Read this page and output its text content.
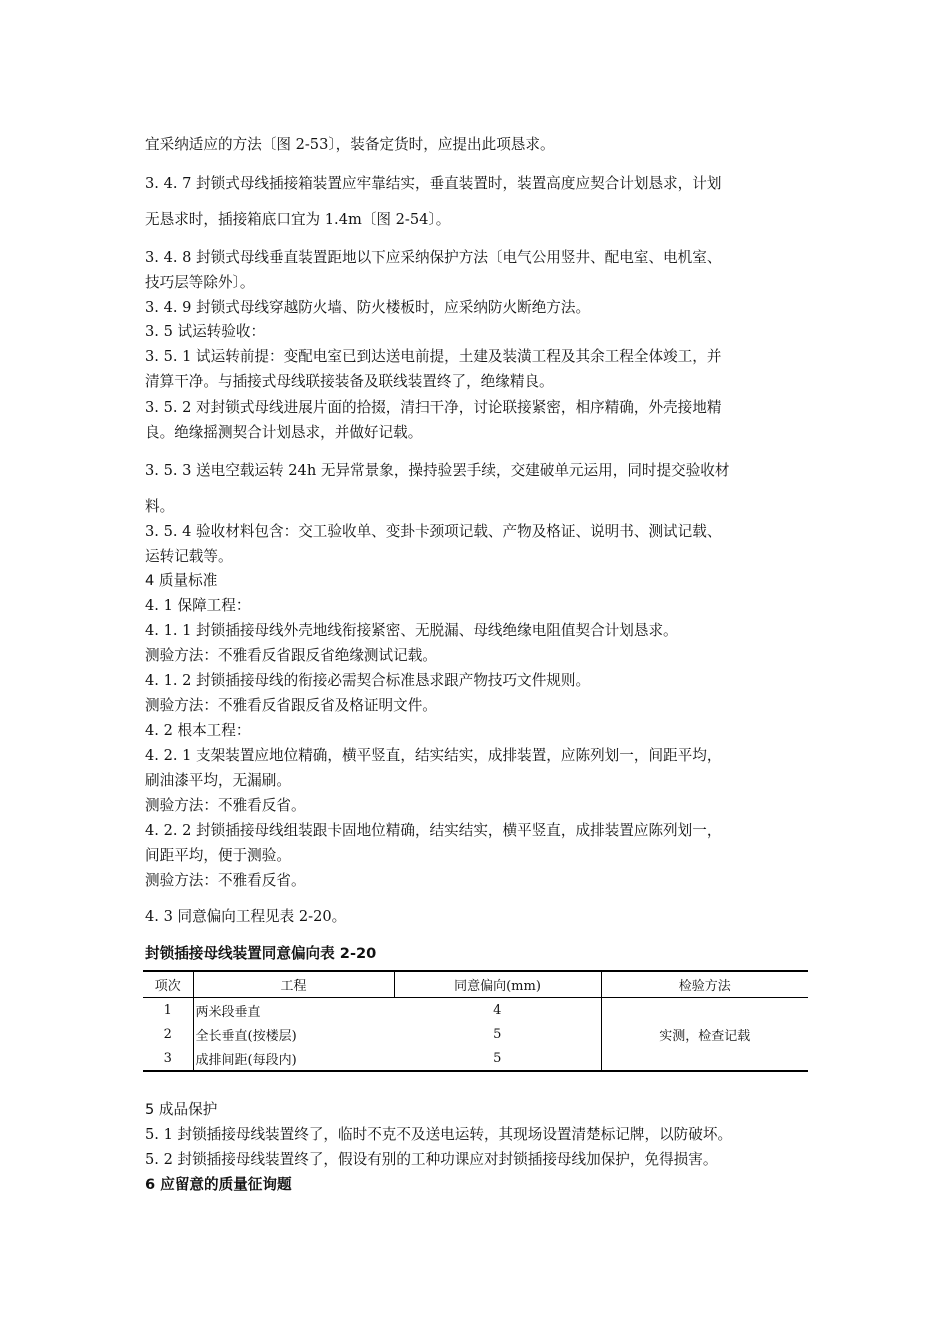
宜采纳适应的方法〔图 2-53〕，装备定货时，应提出此项恳求。
3. 4. 7 封锁式母线插接箱装置应牢靠结实，垂直装置时，装置高度应契合计划恳求，计划
无恳求时，插接箱底口宜为 1.4m〔图 2-54〕。
3. 4. 8 封锁式母线垂直装置距地以下应采纳保护方法〔电气公用竖井、配电室、电机室、
技巧层等除外〕。
3. 4. 9 封锁式母线穿越防火墙、防火楼板时，应采纳防火断绝方法。
3. 5 试运转验收：
3. 5. 1 试运转前提：变配电室已到达送电前提，土建及装潢工程及其余工程全体竣工，并
清算干净。与插接式母线联接装备及联线装置终了，绝缘精良。
3. 5. 2 对封锁式母线进展片面的拾掇，清扫干净，讨论联接紧密，相序精确，外壳接地精
良。绝缘摇测契合计划恳求，并做好记载。
3. 5. 3 送电空载运转 24h 无异常景象，操持验罢手续，交建破单元运用，同时提交验收材
料。
3. 5. 4 验收材料包含：交工验收单、变卦卡颈项记载、产物及格证、说明书、测试记载、
运转记载等。
4 质量标准
4. 1 保障工程：
4. 1. 1 封锁插接母线外壳地线衔接紧密、无脱漏、母线绝缘电阻值契合计划恳求。
测验方法：不雅看反省跟反省绝缘测试记载。
4. 1. 2 封锁插接母线的衔接必需契合标准恳求跟产物技巧文件规则。
测验方法：不雅看反省跟反省及格证明文件。
4. 2 根本工程：
4. 2. 1 支架装置应地位精确，横平竖直，结实结实，成排装置，应陈列划一，间距平均，
刷油漆平均，无漏刷。
测验方法：不雅看反省。
4. 2. 2 封锁插接母线组装跟卡固地位精确，结实结实，横平竖直，成排装置应陈列划一，
间距平均，便于测验。
测验方法：不雅看反省。
4. 3 同意偏向工程见表 2-20。
封锁插接母线装置同意偏向表 2-20
项次	工程	同意偏向(mm)	检验方法
1	两米段垂直	4	实测，检查记载
2	全长垂直(按楼层)	5	
3	成排间距(每段内)	5	
5 成品保护
5. 1 封锁插接母线装置终了，临时不克不及送电运转，其现场设置清楚标记牌，以防破坏。
5. 2 封锁插接母线装置终了，假设有别的工种功课应对封锁插接母线加保护，免得损害。
6 应留意的质量征询题
